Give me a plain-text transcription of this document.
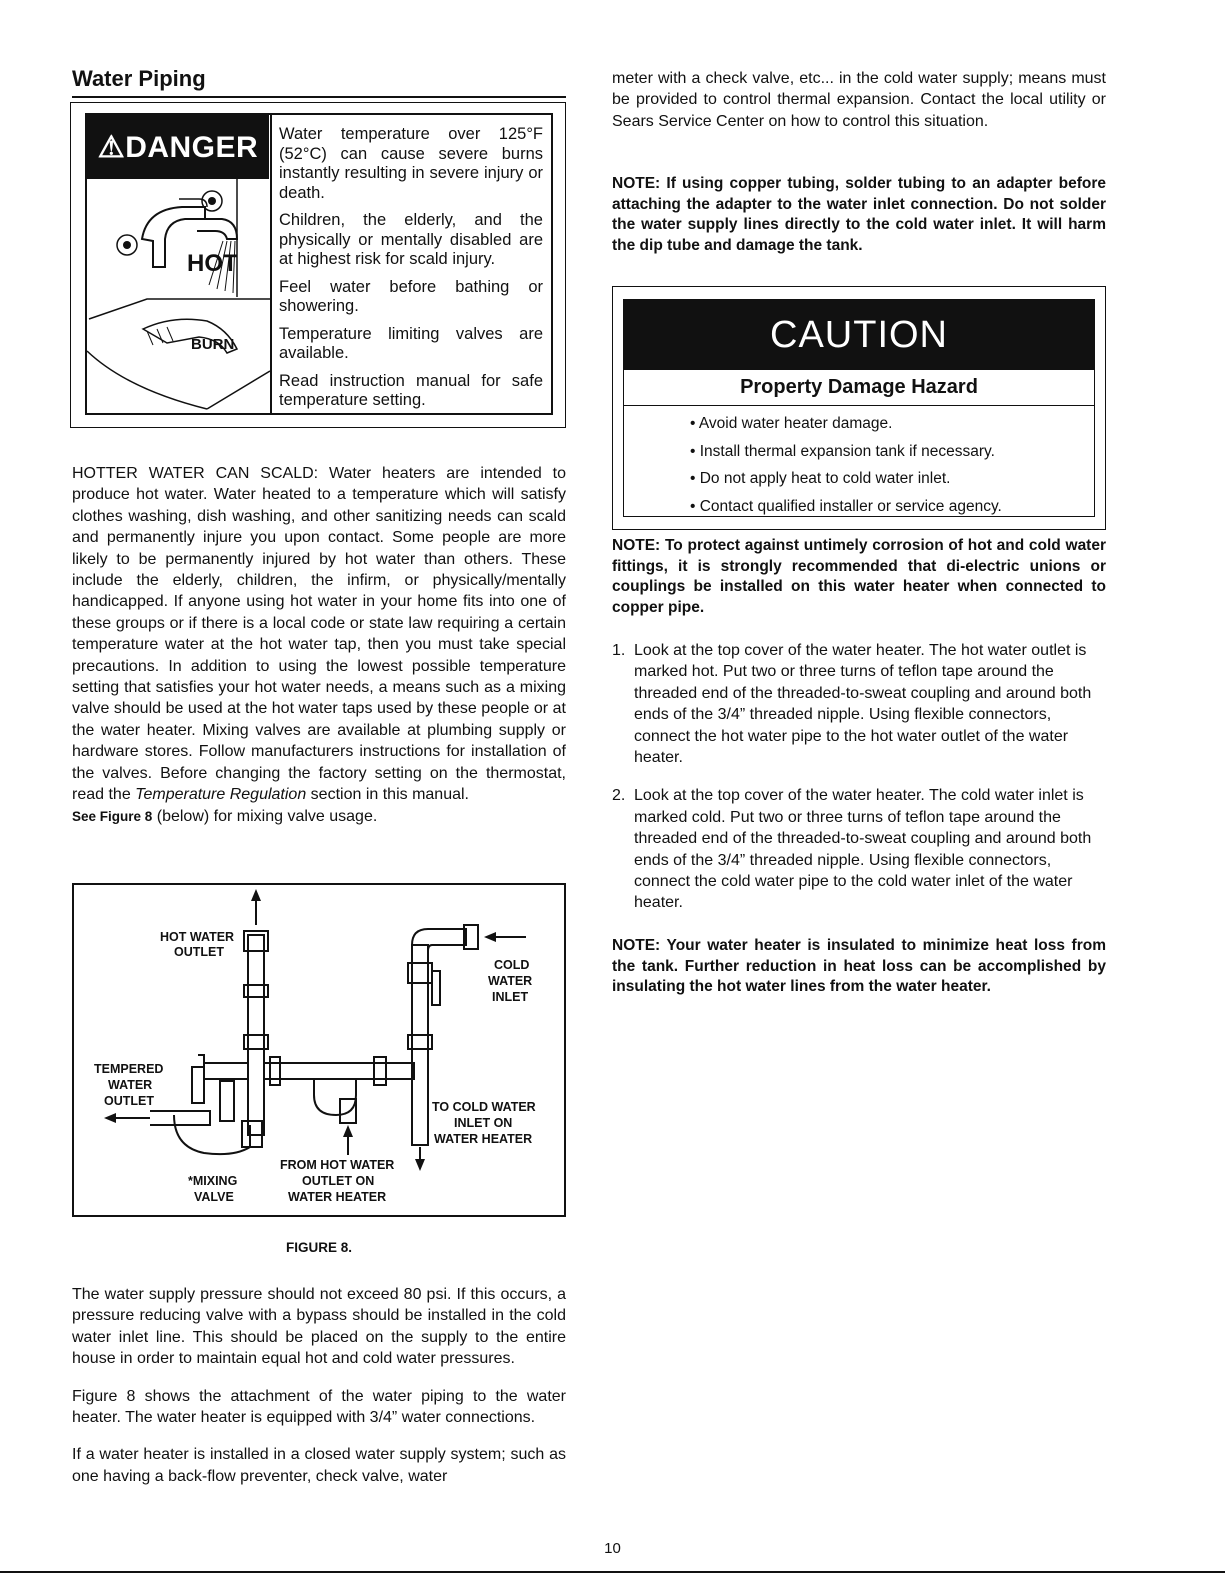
Water Piping
⚠DANGER
HOT
BURN

Water temperature over 125°F (52°C) can cause severe burns instantly resulting in severe injury or death.

Children, the elderly, and the physically or mentally disabled are at highest risk for scald injury.

Feel water before bathing or showering.

Temperature limiting valves are available.

Read instruction manual for safe temperature setting.

HOTTER WATER CAN SCALD: Water heaters are intended to produce hot water. Water heated to a temperature which will satisfy clothes washing, dish washing, and other sanitizing needs can scald and permanently injure you upon contact. Some people are more likely to be permanently injured by hot water than others. These include the elderly, children, the infirm, or physically/mentally handicapped. If anyone using hot water in your home fits into one of these groups or if there is a local code or state law requiring a certain temperature water at the hot water tap, then you must take special precautions. In addition to using the lowest possible temperature setting that satisfies your hot water needs, a means such as a mixing valve should be used at the hot water taps used by these people or at the water heater. Mixing valves are available at plumbing supply or hardware stores. Follow manufacturers instructions for installation of the valves. Before changing the factory setting on the thermostat, read the Temperature Regulation section in this manual.

See Figure 8 (below) for mixing valve usage.

HOT WATER
OUTLET
COLD
WATER
INLET
TEMPERED
WATER
OUTLET	TO COLD WATER
INLET ON
WATER HEATER
FROM HOT WATER
OUTLET ON
WATER HEATER
*MIXING
VALVE
FIGURE 8.

The water supply pressure should not exceed 80 psi. If this occurs, a pressure reducing valve with a bypass should be installed in the cold water inlet line. This should be placed on the supply to the entire house in order to maintain equal hot and cold water pressures.

Figure 8 shows the attachment of the water piping to the water heater. The water heater is equipped with 3/4” water connections.

If a water heater is installed in a closed water supply system; such as one having a back-flow preventer, check valve, water

meter with a check valve, etc... in the cold water supply; means must be provided to control thermal expansion. Contact the local utility or Sears Service Center on how to control this situation.

NOTE: If using copper tubing, solder tubing to an adapter before attaching the adapter to the water inlet connection. Do not solder the water supply lines directly to the cold water inlet. It will harm the dip tube and damage the tank.

CAUTION
Property Damage Hazard
• Avoid water heater damage.
• Install thermal expansion tank if necessary.
• Do not apply heat to cold water inlet.
• Contact qualified installer or service agency.

NOTE: To protect against untimely corrosion of hot and cold water fittings, it is strongly recommended that di-electric unions or couplings be installed on this water heater when connected to copper pipe.

1. Look at the top cover of the water heater. The hot water outlet is marked hot. Put two or three turns of teflon tape around the threaded end of the threaded-to-sweat coupling and around both ends of the 3/4” threaded nipple. Using flexible connectors, connect the hot water pipe to the hot water outlet of the water heater.
2. Look at the top cover of the water heater. The cold water inlet is marked cold. Put two or three turns of teflon tape around the threaded end of the threaded-to-sweat coupling and around both ends of the 3/4” threaded nipple. Using flexible connectors, connect the cold water pipe to the cold water inlet of the water heater.

NOTE: Your water heater is insulated to minimize heat loss from the tank. Further reduction in heat loss can be accomplished by insulating the hot water lines from the water heater.

10
